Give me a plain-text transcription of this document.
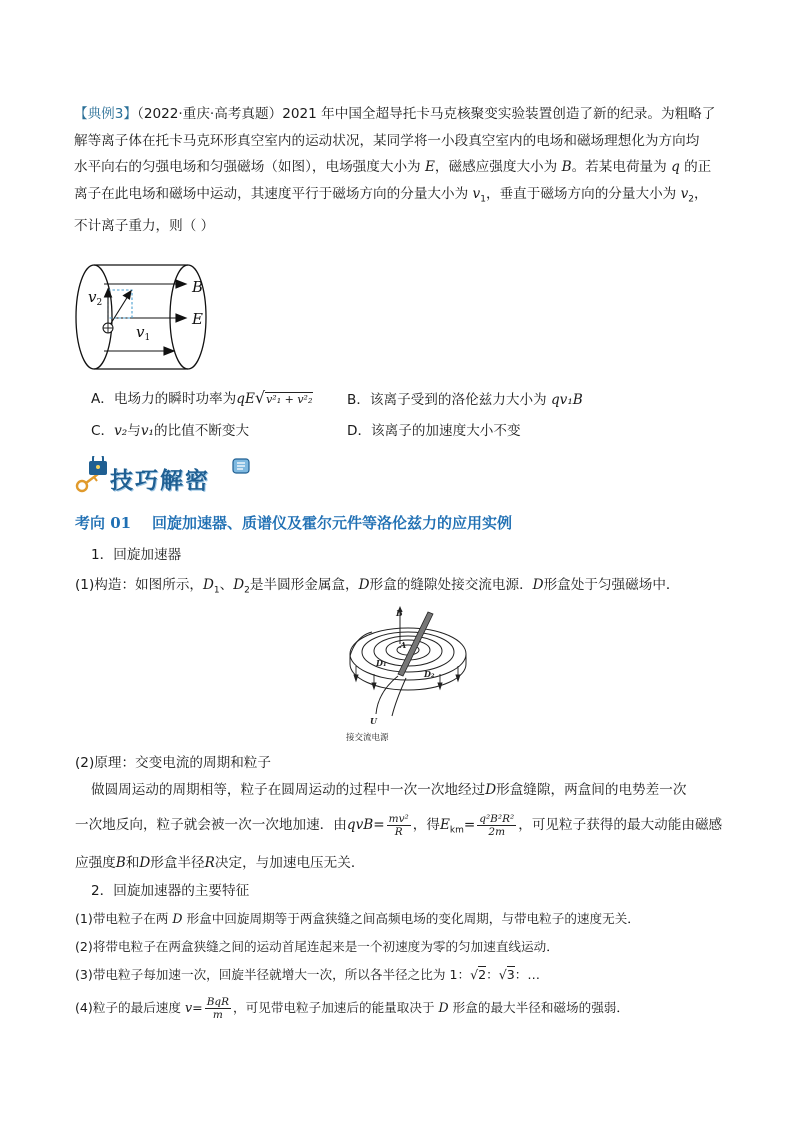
【典例3】（2022·重庆·高考真题）2021 年中国全超导托卡马克核聚变实验装置创造了新的纪录。为粗略了
解等离子体在托卡马克环形真空室内的运动状况，某同学将一小段真空室内的电场和磁场理想化为方向均
水平向右的匀强电场和匀强磁场（如图），电场强度大小为 E，磁感应强度大小为 B。若某电荷量为 q 的正
离子在此电场和磁场中运动，其速度平行于磁场方向的分量大小为 $v_1$，垂直于磁场方向的分量大小为 $v_2$，
不计离子重力，则（ ）
$v_2$
B
E
$v_1$
A．电场力的瞬时功率为qE√v²₁ + v²₂	B．该离子受到的洛伦兹力大小为 qv₁B
C．v₂与v₁的比值不断变大	D．该离子的加速度大小不变
技巧解密
考向 01    回旋加速器、质谱仪及霍尔元件等洛伦兹力的应用实例
1．回旋加速器
(1)构造：如图所示，$D_1$、$D_2$是半圆形金属盒，D形盒的缝隙处接交流电源．D形盒处于匀强磁场中．
B
A
D₁
D₂
U
接交流电源
(2)原理：交变电流的周期和粒子
做圆周运动的周期相等，粒子在圆周运动的过程中一次一次地经过D形盒缝隙，两盒间的电势差一次
一次地反向，粒子就会被一次一次地加速．由$qvB= \frac{\text{mv²}}{R}$ ，得$E_{km}= \frac{\text{q²B²R²}}{2m}$ ，可见粒子获得的最大动能由磁感
应强度B和D形盒半径R决定，与加速电压无关．
2．回旋加速器的主要特征
(1)带电粒子在两 D 形盒中回旋周期等于两盒狭缝之间高频电场的变化周期，与带电粒子的速度无关．
(2)将带电粒子在两盒狭缝之间的运动首尾连起来是一个初速度为零的匀加速直线运动．
(3)带电粒子每加速一次，回旋半径就增大一次，所以各半径之比为 1：√2：√3：…
(4)粒子的最后速度 $v= \frac{\text{BqR}}{m}$ ，可见带电粒子加速后的能量取决于 D 形盒的最大半径和磁场的强弱．
